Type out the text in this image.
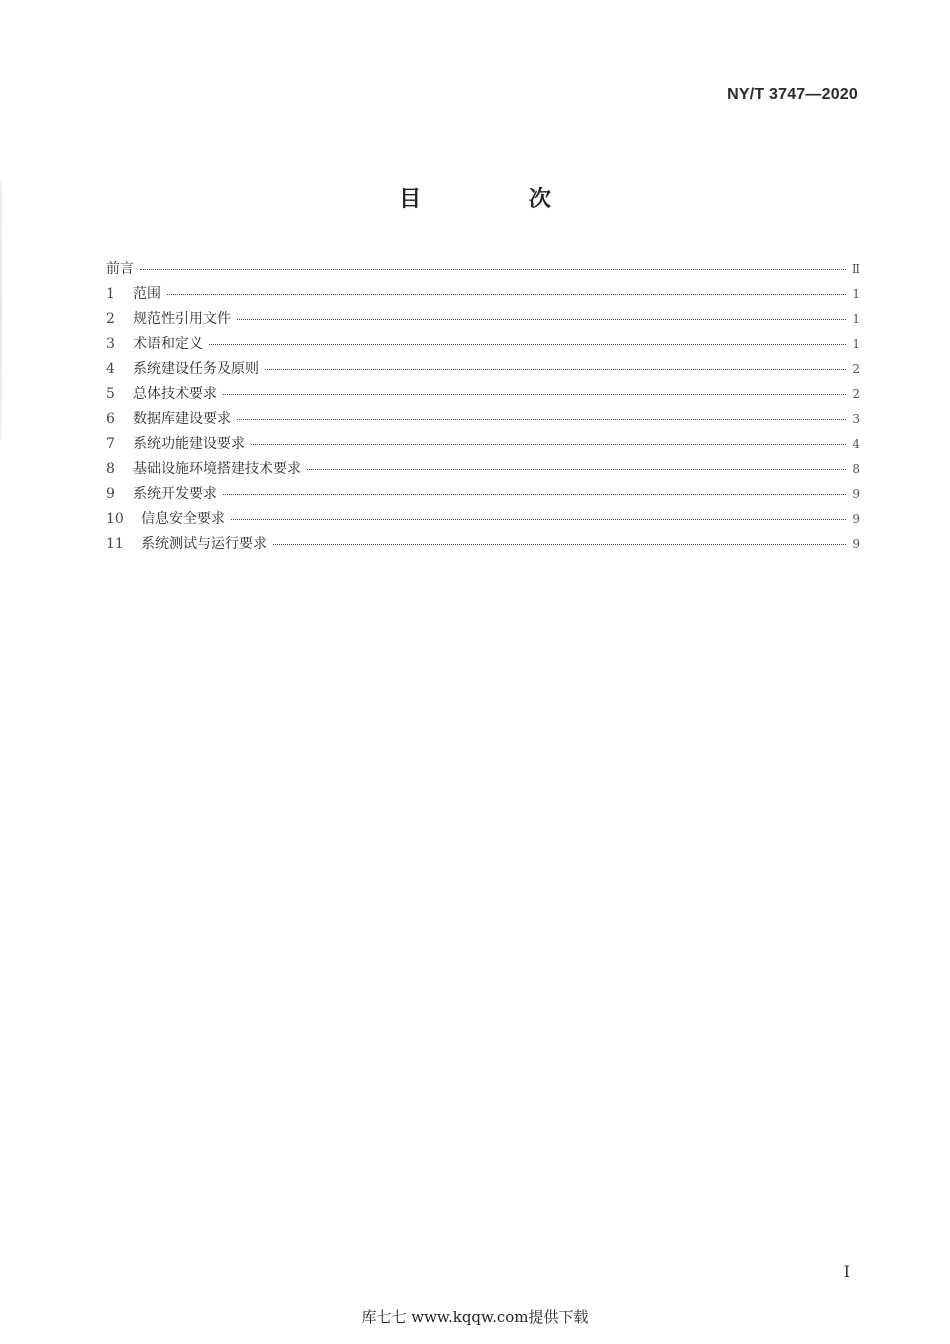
NY/T 3747—2020
目 次
前言	Ⅱ
1	范围	1
2	规范性引用文件	1
3	术语和定义	1
4	系统建设任务及原则	2
5	总体技术要求	2
6	数据库建设要求	3
7	系统功能建设要求	4
8	基础设施环境搭建技术要求	8
9	系统开发要求	9
10	信息安全要求	9
11	系统测试与运行要求	9
I
库七七 www.kqqw.com提供下载
